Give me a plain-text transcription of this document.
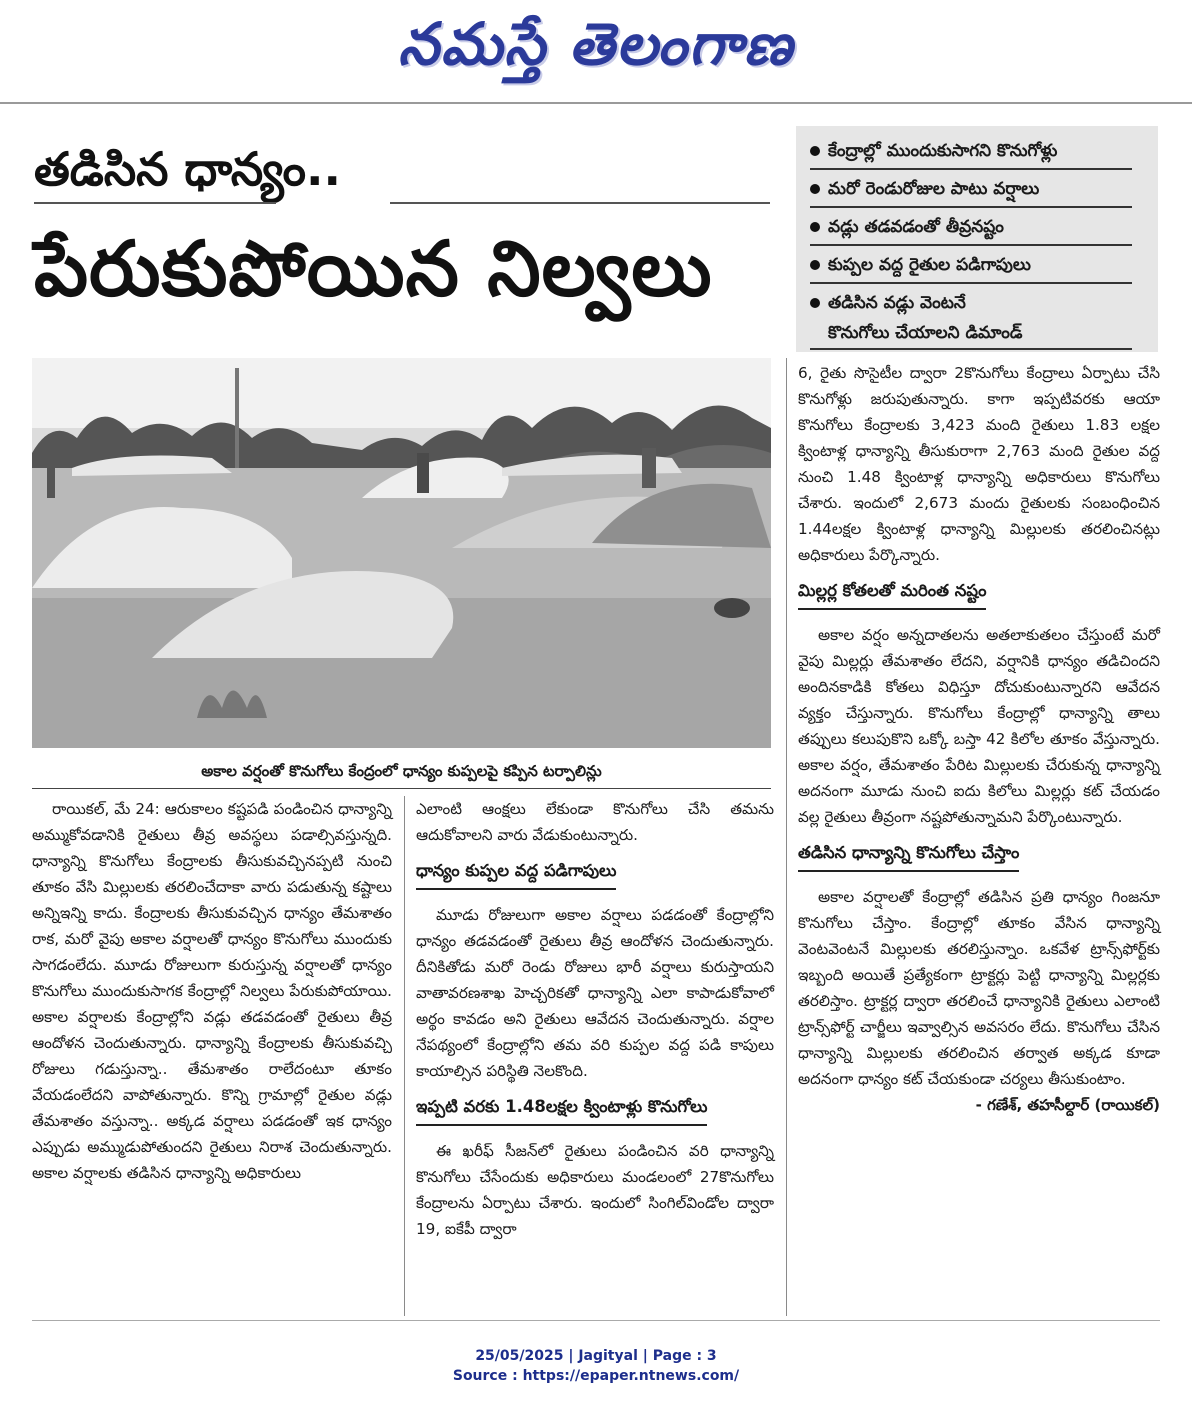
నమస్తే తెలంగాణ
తడిసిన ధాన్యం..
పేరుకుపోయిన నిల్వలు
కేంద్రాల్లో ముందుకుసాగని కొనుగోళ్లు
మరో రెండురోజుల పాటు వర్షాలు
వడ్లు తడవడంతో తీవ్రనష్టం
కుప్పల వద్ద రైతుల పడిగాపులు
తడిసిన వడ్లు వెంటనే
కొనుగోలు చేయాలని డిమాండ్
అకాల వర్షంతో కొనుగోలు కేంద్రంలో ధాన్యం కుప్పలపై కప్పిన టర్పాలిన్లు

రాయికల్, మే 24: ఆరుకాలం కష్టపడి పండించిన ధాన్యాన్ని అమ్ముకోవడానికి రైతులు తీవ్ర అవస్థలు పడాల్సివస్తున్నది. ధాన్యాన్ని కొనుగోలు కేంద్రాలకు తీసుకువచ్చినప్పటి నుంచి తూకం వేసి మిల్లులకు తరలించేదాకా వారు పడుతున్న కష్టాలు అన్నిఇన్ని కాదు. కేంద్రాలకు తీసుకువచ్చిన ధాన్యం తేమశాతం రాక, మరో వైపు అకాల వర్షాలతో ధాన్యం కొనుగోలు ముందుకు సాగడంలేదు. మూడు రోజులుగా కురుస్తున్న వర్షాలతో ధాన్యం కొనుగోలు ముందుకుసాగక కేంద్రాల్లో నిల్వలు పేరుకుపోయాయి. అకాల వర్షాలకు కేంద్రాల్లోని వడ్లు తడవడంతో రైతులు తీవ్ర ఆందోళన చెందుతున్నారు. ధాన్యాన్ని కేంద్రాలకు తీసుకువచ్చి రోజులు గడుస్తున్నా.. తేమశాతం రాలేదంటూ తూకం వేయడంలేదని వాపోతున్నారు. కొన్ని గ్రామాల్లో రైతుల వడ్లు తేమశాతం వస్తున్నా.. అక్కడ వర్షాలు పడడంతో ఇక ధాన్యం ఎప్పుడు అమ్ముడుపోతుందని రైతులు నిరాశ చెందుతున్నారు. అకాల వర్షాలకు తడిసిన ధాన్యాన్ని అధికారులు

ఎలాంటి ఆంక్షలు లేకుండా కొనుగోలు చేసి తమను ఆదుకోవాలని వారు వేడుకుంటున్నారు.

ధాన్యం కుప్పల వద్ద పడిగాపులు

మూడు రోజులుగా అకాల వర్షాలు పడడంతో కేంద్రాల్లోని ధాన్యం తడవడంతో రైతులు తీవ్ర ఆందోళన చెందుతున్నారు. దీనికితోడు మరో రెండు రోజులు భారీ వర్షాలు కురుస్తాయని వాతావరణశాఖ హెచ్చరికతో ధాన్యాన్ని ఎలా కాపాడుకోవాలో అర్థం కావడం అని రైతులు ఆవేదన చెందుతున్నారు. వర్షాల నేపథ్యంలో కేంద్రాల్లోని తమ వరి కుప్పల వద్ద పడి కాపులు కాయాల్సిన పరిస్థితి నెలకొంది.

ఇప్పటి వరకు 1.48లక్షల క్వింటాళ్లు కొనుగోలు

ఈ ఖరీఫ్ సీజన్‌లో రైతులు పండించిన వరి ధాన్యాన్ని కొనుగోలు చేసేందుకు అధికారులు మండలంలో 27కొనుగోలు కేంద్రాలను ఏర్పాటు చేశారు. ఇందులో సింగిల్‌విండోల ద్వారా 19, ఐకేపీ ద్వారా

6, రైతు సొసైటీల ద్వారా 2కొనుగోలు కేంద్రాలు ఏర్పాటు చేసి కొనుగోళ్లు జరుపుతున్నారు. కాగా ఇప్పటివరకు ఆయా కొనుగోలు కేంద్రాలకు 3,423 మంది రైతులు 1.83 లక్షల క్వింటాళ్ల ధాన్యాన్ని తీసుకురాగా 2,763 మంది రైతుల వద్ద నుంచి 1.48 క్వింటాళ్ల ధాన్యాన్ని అధికారులు కొనుగోలు చేశారు. ఇందులో 2,673 మందు రైతులకు సంబంధించిన 1.44లక్షల క్వింటాళ్ల ధాన్యాన్ని మిల్లులకు తరలించినట్లు అధికారులు పేర్కొన్నారు.

మిల్లర్ల కోతలతో మరింత నష్టం

అకాల వర్షం అన్నదాతలను అతలాకుతలం చేస్తుంటే మరో వైపు మిల్లర్లు తేమశాతం లేదని, వర్షానికి ధాన్యం తడిచిందని అందినకాడికి కోతలు విధిస్తూ దోచుకుంటున్నారని ఆవేదన వ్యక్తం చేస్తున్నారు. కొనుగోలు కేంద్రాల్లో ధాన్యాన్ని తాలు తప్పులు కలుపుకొని ఒక్కో బస్తా 42 కిలోల తూకం వేస్తున్నారు. అకాల వర్షం, తేమశాతం పేరిట మిల్లులకు చేరుకున్న ధాన్యాన్ని అదనంగా మూడు నుంచి ఐదు కిలోలు మిల్లర్లు కట్ చేయడం వల్ల రైతులు తీవ్రంగా నష్టపోతున్నామని పేర్కొంటున్నారు.

తడిసిన ధాన్యాన్ని కొనుగోలు చేస్తాం

అకాల వర్షాలతో కేంద్రాల్లో తడిసిన ప్రతి ధాన్యం గింజనూ కొనుగోలు చేస్తాం. కేంద్రాల్లో తూకం వేసిన ధాన్యాన్ని వెంటవెంటనే మిల్లులకు తరలిస్తున్నాం. ఒకవేళ ట్రాన్స్‌ఫోర్ట్‌కు ఇబ్బంది అయితే ప్రత్యేకంగా ట్రాక్టర్లు పెట్టి ధాన్యాన్ని మిల్లర్లకు తరలిస్తాం. ట్రాక్టర్ల ద్వారా తరలించే ధాన్యానికి రైతులు ఎలాంటి ట్రాన్స్‌ఫోర్ట్ చార్జీలు ఇవ్వాల్సిన అవసరం లేదు. కొనుగోలు చేసిన ధాన్యాన్ని మిల్లులకు తరలించిన తర్వాత అక్కడ కూడా అదనంగా ధాన్యం కట్ చేయకుండా చర్యలు తీసుకుంటాం.

- గణేశ్, తహసీల్దార్ (రాయికల్)
25/05/2025 | Jagityal | Page : 3
Source : https://epaper.ntnews.com/
